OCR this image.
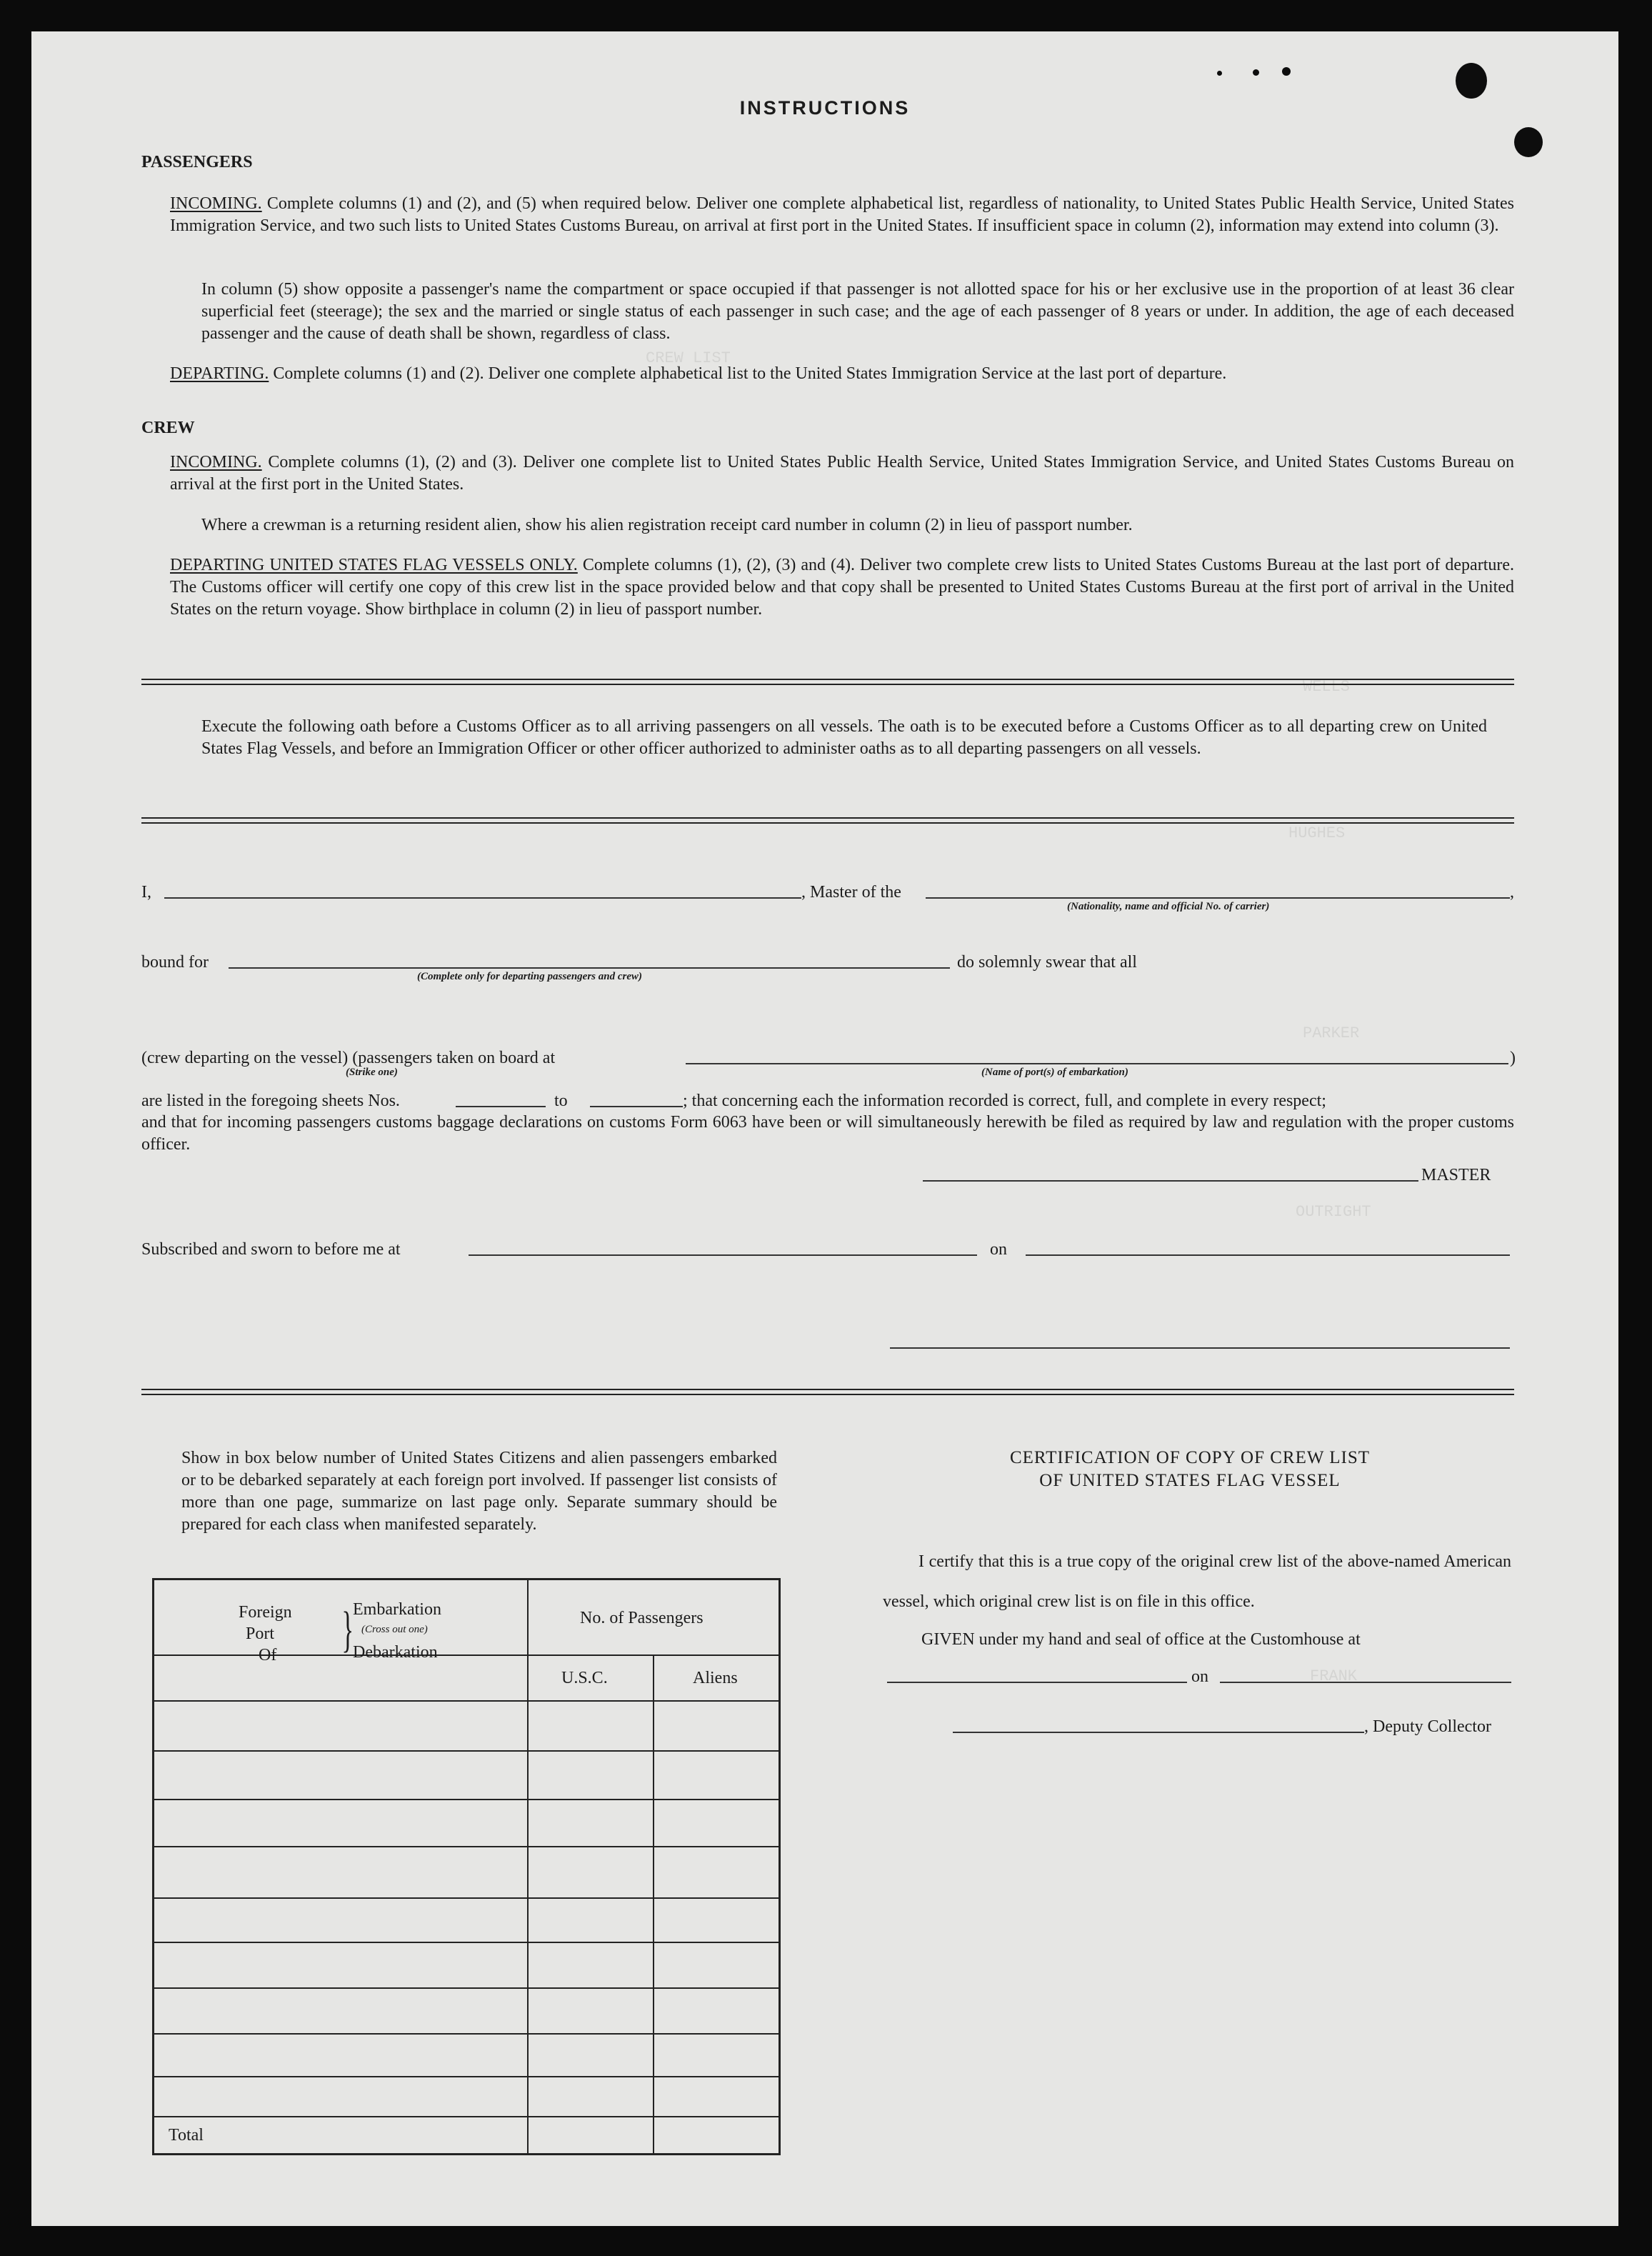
CREW LIST
WELLS
HUGHES
PARKER
OUTRIGHT
FRANK
INSTRUCTIONS
PASSENGERS
INCOMING. Complete columns (1) and (2), and (5) when required below. Deliver one complete alphabetical list, regardless of nationality, to United States Public Health Service, United States Immigration Service, and two such lists to United States Customs Bureau, on arrival at first port in the United States. If insufficient space in column (2), information may extend into column (3).
In column (5) show opposite a passenger's name the compartment or space occupied if that passenger is not allotted space for his or her exclusive use in the proportion of at least 36 clear superficial feet (steerage); the sex and the married or single status of each passenger in such case; and the age of each passenger of 8 years or under. In addition, the age of each deceased passenger and the cause of death shall be shown, regardless of class.
DEPARTING. Complete columns (1) and (2). Deliver one complete alphabetical list to the United States Immigration Service at the last port of departure.
CREW
INCOMING. Complete columns (1), (2) and (3). Deliver one complete list to United States Public Health Service, United States Immigration Service, and United States Customs Bureau on arrival at the first port in the United States.
Where a crewman is a returning resident alien, show his alien registration receipt card number in column (2) in lieu of passport number.
DEPARTING UNITED STATES FLAG VESSELS ONLY. Complete columns (1), (2), (3) and (4). Deliver two complete crew lists to United States Customs Bureau at the last port of departure. The Customs officer will certify one copy of this crew list in the space provided below and that copy shall be presented to United States Customs Bureau at the first port of arrival in the United States on the return voyage. Show birthplace in column (2) in lieu of passport number.
Execute the following oath before a Customs Officer as to all arriving passengers on all vessels. The oath is to be executed before a Customs Officer as to all departing crew on United States Flag Vessels, and before an Immigration Officer or other officer authorized to administer oaths as to all departing passengers on all vessels.
I,	, Master of the	,
(Nationality, name and official No. of carrier)
bound for
(Complete only for departing passengers and crew)
do solemnly swear that all
(crew departing on the vessel) (passengers taken on board at	)
(Strike one)	(Name of port(s) of embarkation)
are listed in the foregoing sheets Nos.	to	; that concerning each the information recorded is correct, full, and complete in every respect;
and that for incoming passengers customs baggage declarations on customs Form 6063 have been or will simultaneously herewith be filed as required by law and regulation with the proper customs officer.
MASTER
Subscribed and sworn to before me at	on
Show in box below number of United States Citizens and alien passengers embarked or to be debarked separately at each foreign port involved. If passenger list consists of more than one page, summarize on last page only. Separate summary should be prepared for each class when manifested separately.
Foreign
Port
Of }
Embarkation
(Cross out one)
Debarkation
No. of Passengers
U.S.C.	Aliens
Total
CERTIFICATION OF COPY OF CREW LIST
OF UNITED STATES FLAG VESSEL
I certify that this is a true copy of the original crew list of the above-named American vessel, which original crew list is on file in this office.
GIVEN under my hand and seal of office at the Customhouse at
on
, Deputy Collector
